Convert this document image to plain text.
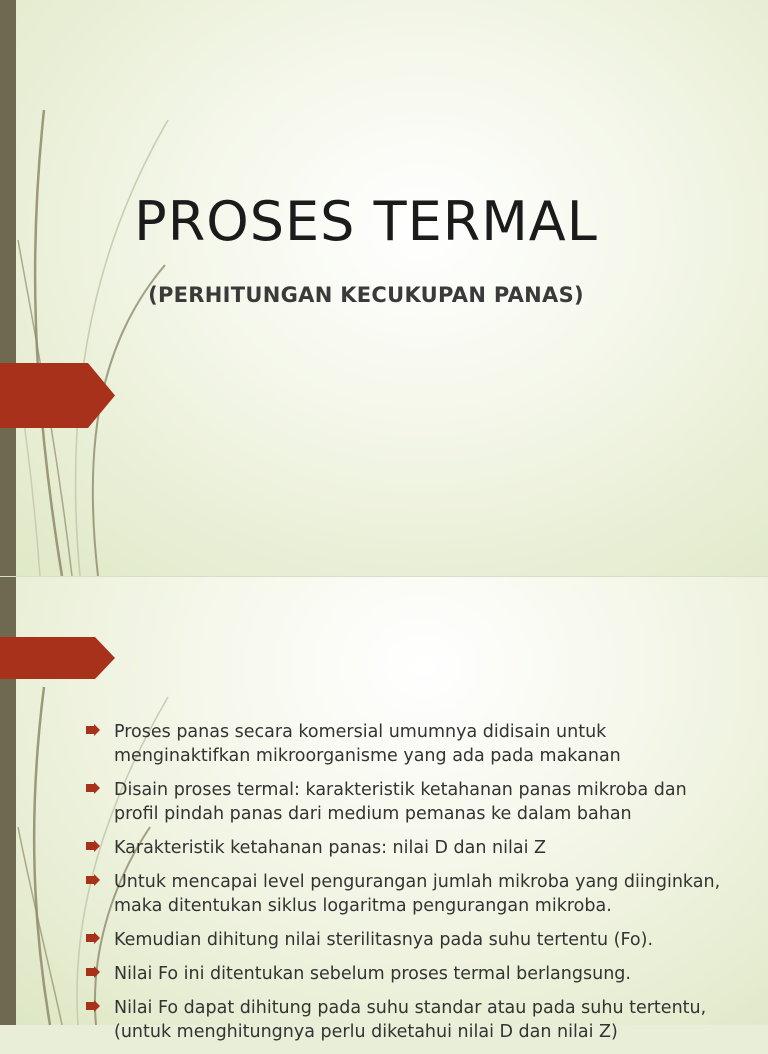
PROSES TERMAL
(PERHITUNGAN KECUKUPAN PANAS)
Proses panas secara komersial umumnya didisain untuk menginaktifkan mikroorganisme yang ada pada makanan
Disain proses termal: karakteristik ketahanan panas mikroba dan profil pindah panas dari medium pemanas ke dalam bahan
Karakteristik ketahanan panas: nilai D dan nilai Z
Untuk mencapai level pengurangan jumlah mikroba yang diinginkan, maka ditentukan siklus logaritma pengurangan mikroba.
Kemudian dihitung nilai sterilitasnya pada suhu tertentu (Fo).
Nilai Fo ini ditentukan sebelum proses termal berlangsung.
Nilai Fo dapat dihitung pada suhu standar atau pada suhu tertentu, (untuk menghitungnya perlu diketahui nilai D dan nilai Z)
